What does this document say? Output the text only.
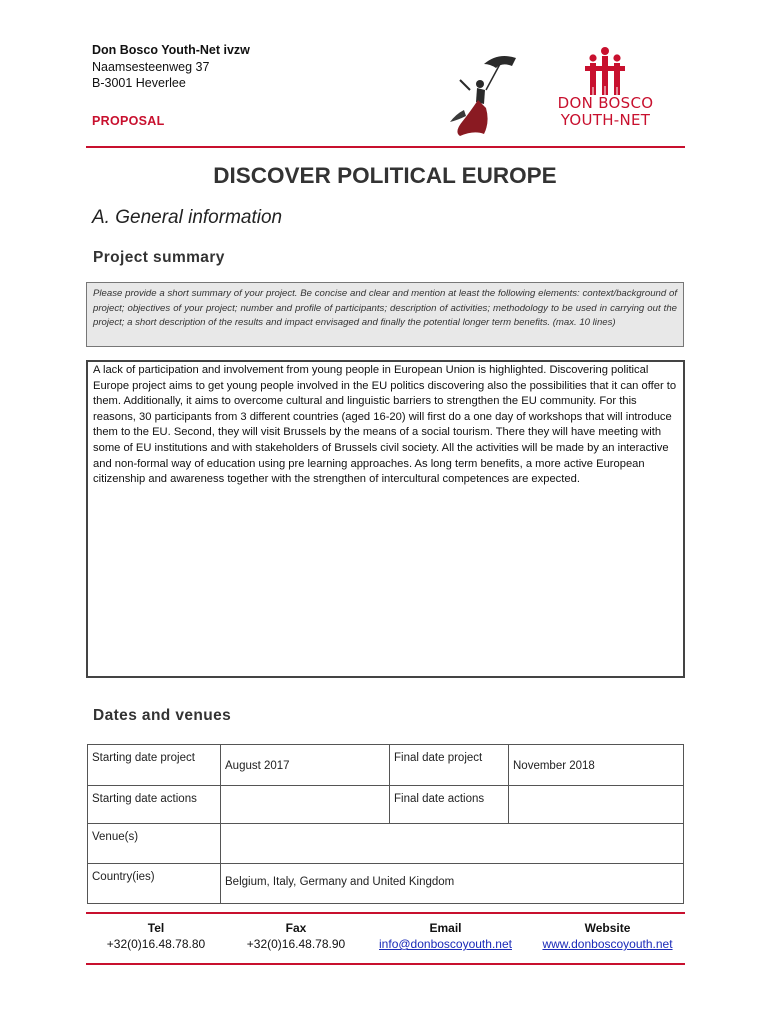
Don Bosco Youth-Net ivzw
Naamsesteenweg 37
B-3001 Heverlee
PROPOSAL
DON BOSCO
YOUTH-NET
DISCOVER POLITICAL EUROPE
A. General information
Project summary
Please provide a short summary of your project. Be concise and clear and mention at least the following elements: context/background of project; objectives of your project; number and profile of participants; description of activities; methodology to be used in carrying out the project; a short description of the results and impact envisaged and finally the potential longer term benefits. (max. 10 lines)
A lack of participation and involvement from young people in European Union is highlighted. Discovering political Europe project aims to get young people involved in the EU politics discovering also the possibilities that it can offer to them. Additionally, it aims to overcome cultural and linguistic barriers to strengthen the EU community. For this reasons, 30 participants from 3 different countries (aged 16-20) will first do a one day of workshops that will introduce them to the EU. Second, they will visit Brussels by the means of a social tourism. There they will have meeting with some of EU institutions and with stakeholders of Brussels civil society. All the activities will be made by an interactive and non-formal way of education using pre learning approaches. As long term benefits, a more active European citizenship and awareness together with the strengthen of intercultural competences are expected.
Dates and venues
Starting date project	August 2017	Final date project	November 2018

Starting date actions		Final date actions	
Venue(s)			
Country(ies)	Belgium, Italy, Germany and United Kingdom		
Tel
+32(0)16.48.78.80
Fax
+32(0)16.48.78.90
Email
info@donboscoyouth.net
Website
www.donboscoyouth.net
